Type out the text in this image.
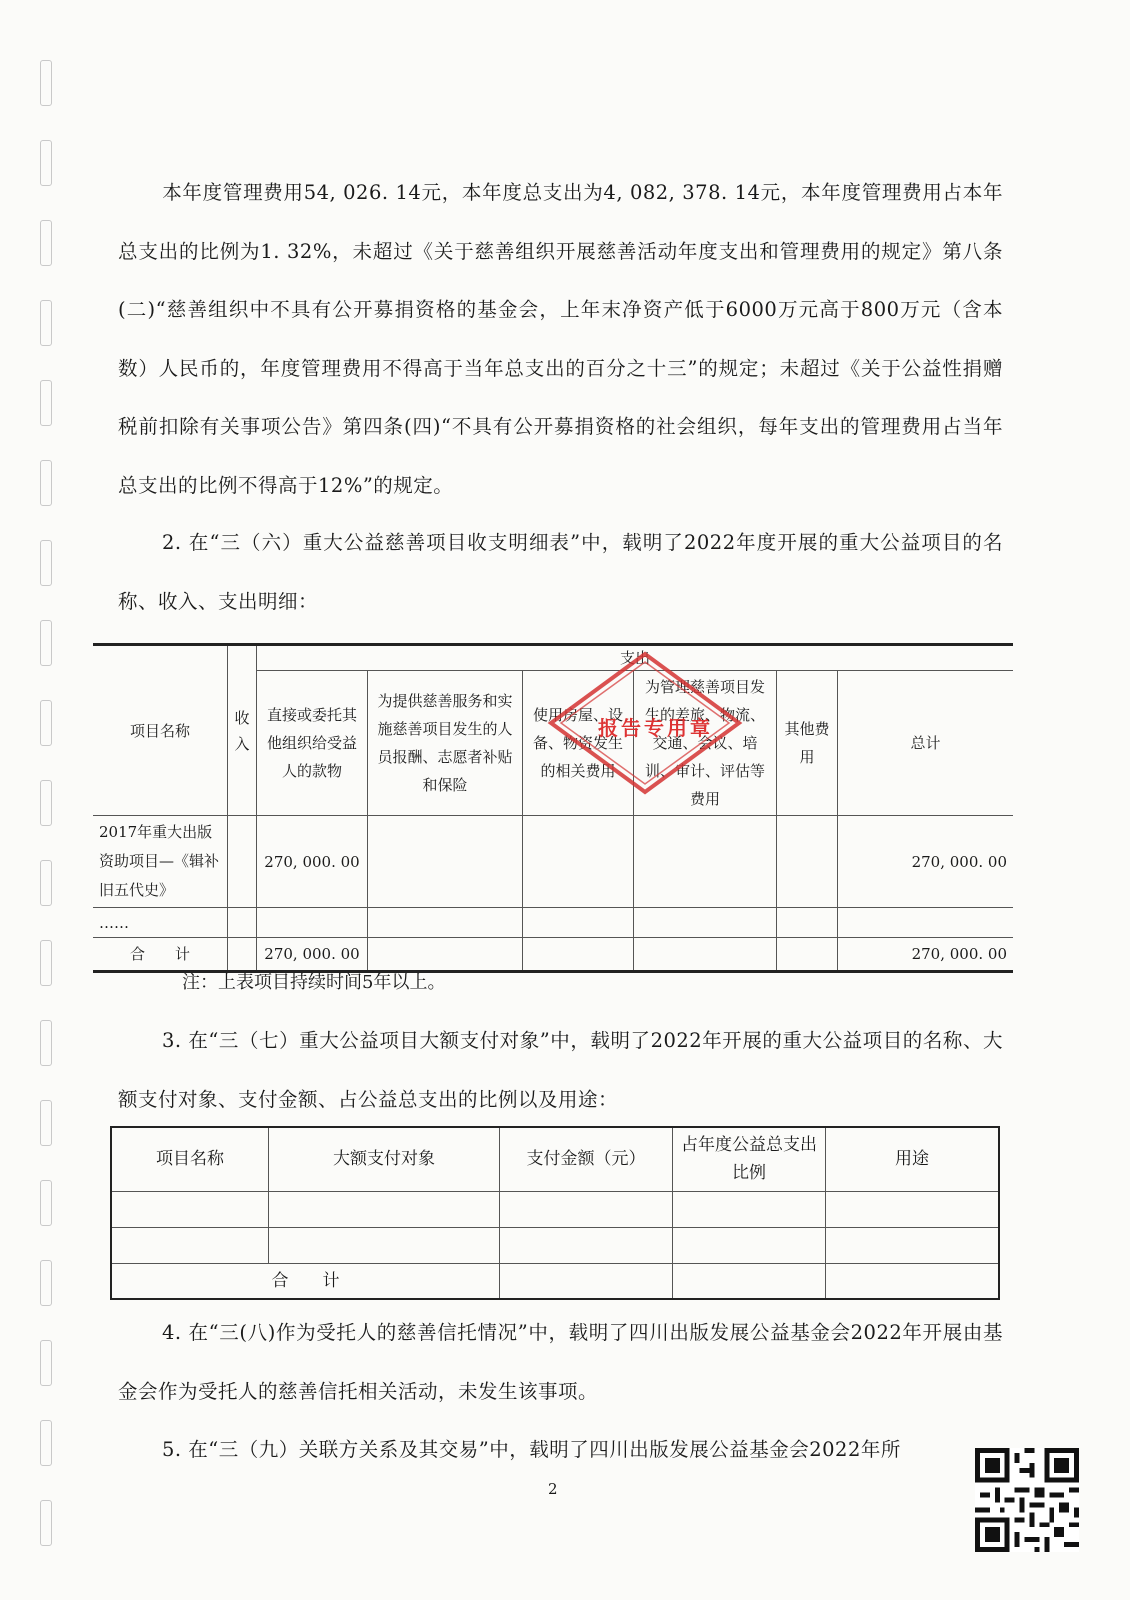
本年度管理费用54, 026. 14元，本年度总支出为4, 082, 378. 14元，本年度管理费用占本年总支出的比例为1. 32%，未超过《关于慈善组织开展慈善活动年度支出和管理费用的规定》第八条(二)“慈善组织中不具有公开募捐资格的基金会，上年末净资产低于6000万元高于800万元（含本数）人民币的，年度管理费用不得高于当年总支出的百分之十三”的规定；未超过《关于公益性捐赠税前扣除有关事项公告》第四条(四)“不具有公开募捐资格的社会组织，每年支出的管理费用占当年总支出的比例不得高于12%”的规定。
2. 在“三（六）重大公益慈善项目收支明细表”中，载明了2022年度开展的重大公益项目的名称、收入、支出明细：
项目名称	收入	支出					
		直接或委托其他组织给受益人的款物	为提供慈善服务和实施慈善项目发生的人员报酬、志愿者补贴和保险	使用房屋、设备、物资发生的相关费用	为管理慈善项目发生的差旅、物流、交通、会议、培训、审计、评估等费用	其他费用	总计
2017年重大出版资助项目—《辑补旧五代史》		270, 000. 00					270, 000. 00
……							
合　　计		270, 000. 00					270, 000. 00
报告专用章
注：上表项目持续时间5年以上。
3. 在“三（七）重大公益项目大额支付对象”中，载明了2022年开展的重大公益项目的名称、大额支付对象、支付金额、占公益总支出的比例以及用途：
项目名称	大额支付对象	支付金额（元）	占年度公益总支出比例	用途

合　　计				
4. 在“三(八)作为受托人的慈善信托情况”中，载明了四川出版发展公益基金会2022年开展由基金会作为受托人的慈善信托相关活动，未发生该事项。
5. 在“三（九）关联方关系及其交易”中，载明了四川出版发展公益基金会2022年所
2
